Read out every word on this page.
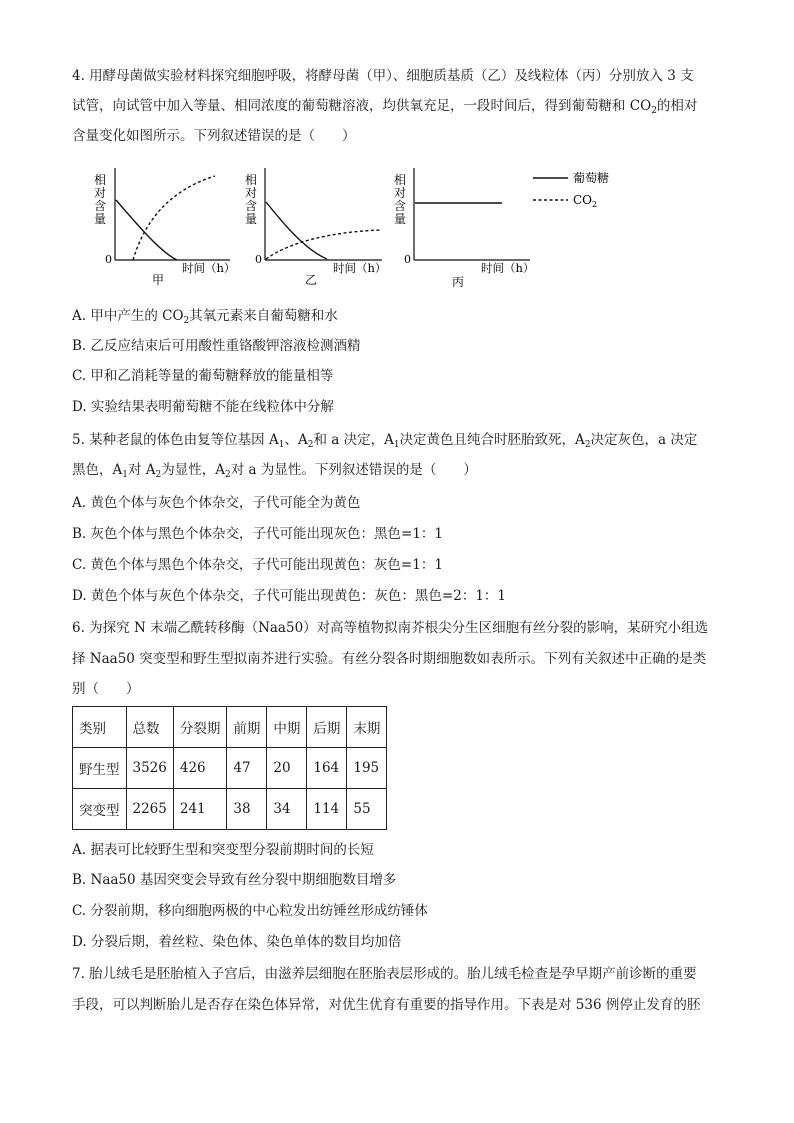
4. 用酵母菌做实验材料探究细胞呼吸，将酵母菌（甲）、细胞质基质（乙）及线粒体（丙）分别放入 3 支
试管，向试管中加入等量、相同浓度的葡萄糖溶液，均供氧充足，一段时间后，得到葡萄糖和 $CO_2$的相对
含量变化如图所示。下列叙述错误的是（　　）
相
对
含
量
0
时间（h）
甲
相
对
含
量
0
时间（h）
乙
相
对
含
量
0
时间（h）
丙
葡萄糖
$CO_2$
A. 甲中产生的 $CO_2$其氧元素来自葡萄糖和水
B. 乙反应结束后可用酸性重铬酸钾溶液检测酒精
C. 甲和乙消耗等量的葡萄糖释放的能量相等
D. 实验结果表明葡萄糖不能在线粒体中分解
5. 某种老鼠的体色由复等位基因 $A_1$、$A_2$和 a 决定，$A_1$决定黄色且纯合时胚胎致死，$A_2$决定灰色，a 决定
黑色，$A_1$对 $A_2$为显性，$A_2$对 a 为显性。下列叙述错误的是（　　）
A. 黄色个体与灰色个体杂交，子代可能全为黄色
B. 灰色个体与黑色个体杂交，子代可能出现灰色：黑色=1：1
C. 黄色个体与黑色个体杂交，子代可能出现黄色：灰色=1：1
D. 黄色个体与灰色个体杂交，子代可能出现黄色：灰色：黑色=2：1：1
6. 为探究 N 末端乙酰转移酶（Naa50）对高等植物拟南芥根尖分生区细胞有丝分裂的影响，某研究小组选
择 Naa50 突变型和野生型拟南芥进行实验。有丝分裂各时期细胞数如表所示。下列有关叙述中正确的是类
别（　　）
类别	总数	分裂期	前期	中期	后期	末期
野生型	3526	426	47	20	164	195
突变型	2265	241	38	34	114	55
A. 据表可比较野生型和突变型分裂前期时间的长短
B. Naa50 基因突变会导致有丝分裂中期细胞数目增多
C. 分裂前期，移向细胞两极的中心粒发出纺锤丝形成纺锤体
D. 分裂后期，着丝粒、染色体、染色单体的数目均加倍
7. 胎儿绒毛是胚胎植入子宫后，由滋养层细胞在胚胎表层形成的。胎儿绒毛检查是孕早期产前诊断的重要
手段，可以判断胎儿是否存在染色体异常，对优生优育有重要的指导作用。下表是对 536 例停止发育的胚
